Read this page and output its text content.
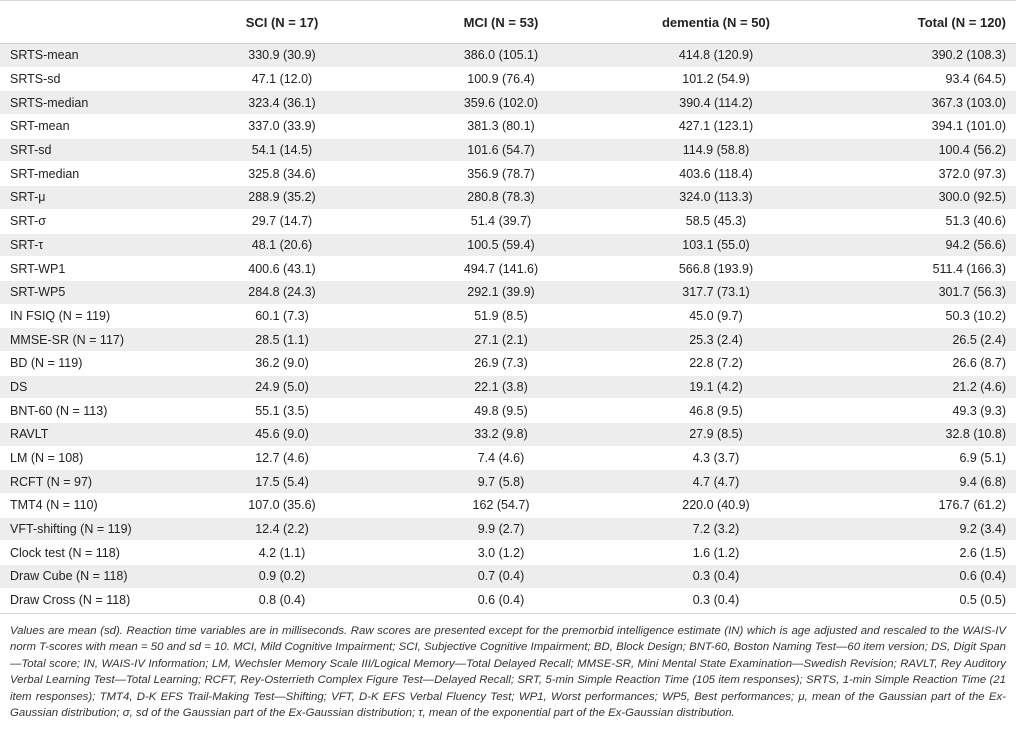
	SCI (N = 17)	MCI (N = 53)	dementia (N = 50)	Total (N = 120)
SRTS-mean	330.9 (30.9)	386.0 (105.1)	414.8 (120.9)	390.2 (108.3)
SRTS-sd	47.1 (12.0)	100.9 (76.4)	101.2 (54.9)	93.4 (64.5)
SRTS-median	323.4 (36.1)	359.6 (102.0)	390.4 (114.2)	367.3 (103.0)
SRT-mean	337.0 (33.9)	381.3 (80.1)	427.1 (123.1)	394.1 (101.0)
SRT-sd	54.1 (14.5)	101.6 (54.7)	114.9 (58.8)	100.4 (56.2)
SRT-median	325.8 (34.6)	356.9 (78.7)	403.6 (118.4)	372.0 (97.3)
SRT-μ	288.9 (35.2)	280.8 (78.3)	324.0 (113.3)	300.0 (92.5)
SRT-σ	29.7 (14.7)	51.4 (39.7)	58.5 (45.3)	51.3 (40.6)
SRT-τ	48.1 (20.6)	100.5 (59.4)	103.1 (55.0)	94.2 (56.6)
SRT-WP1	400.6 (43.1)	494.7 (141.6)	566.8 (193.9)	511.4 (166.3)
SRT-WP5	284.8 (24.3)	292.1 (39.9)	317.7 (73.1)	301.7 (56.3)
IN FSIQ (N = 119)	60.1 (7.3)	51.9 (8.5)	45.0 (9.7)	50.3 (10.2)
MMSE-SR (N = 117)	28.5 (1.1)	27.1 (2.1)	25.3 (2.4)	26.5 (2.4)
BD (N = 119)	36.2 (9.0)	26.9 (7.3)	22.8 (7.2)	26.6 (8.7)
DS	24.9 (5.0)	22.1 (3.8)	19.1 (4.2)	21.2 (4.6)
BNT-60 (N = 113)	55.1 (3.5)	49.8 (9.5)	46.8 (9.5)	49.3 (9.3)
RAVLT	45.6 (9.0)	33.2 (9.8)	27.9 (8.5)	32.8 (10.8)
LM (N = 108)	12.7 (4.6)	7.4 (4.6)	4.3 (3.7)	6.9 (5.1)
RCFT (N = 97)	17.5 (5.4)	9.7 (5.8)	4.7 (4.7)	9.4 (6.8)
TMT4 (N = 110)	107.0 (35.6)	162 (54.7)	220.0 (40.9)	176.7 (61.2)
VFT-shifting (N = 119)	12.4 (2.2)	9.9 (2.7)	7.2 (3.2)	9.2 (3.4)
Clock test (N = 118)	4.2 (1.1)	3.0 (1.2)	1.6 (1.2)	2.6 (1.5)
Draw Cube (N = 118)	0.9 (0.2)	0.7 (0.4)	0.3 (0.4)	0.6 (0.4)
Draw Cross (N = 118)	0.8 (0.4)	0.6 (0.4)	0.3 (0.4)	0.5 (0.5)
Values are mean (sd). Reaction time variables are in milliseconds. Raw scores are presented except for the premorbid intelligence estimate (IN) which is age adjusted and rescaled to the WAIS-IV norm T-scores with mean = 50 and sd = 10. MCI, Mild Cognitive Impairment; SCI, Subjective Cognitive Impairment; BD, Block Design; BNT-60, Boston Naming Test—60 item version; DS, Digit Span—Total score; IN, WAIS-IV Information; LM, Wechsler Memory Scale III/Logical Memory—Total Delayed Recall; MMSE-SR, Mini Mental State Examination—Swedish Revision; RAVLT, Rey Auditory Verbal Learning Test—Total Learning; RCFT, Rey-Osterrieth Complex Figure Test—Delayed Recall; SRT, 5-min Simple Reaction Time (105 item responses); SRTS, 1-min Simple Reaction Time (21 item responses); TMT4, D-K EFS Trail-Making Test—Shifting; VFT, D-K EFS Verbal Fluency Test; WP1, Worst performances; WP5, Best performances; μ, mean of the Gaussian part of the Ex-Gaussian distribution; σ, sd of the Gaussian part of the Ex-Gaussian distribution; τ, mean of the exponential part of the Ex-Gaussian distribution.
